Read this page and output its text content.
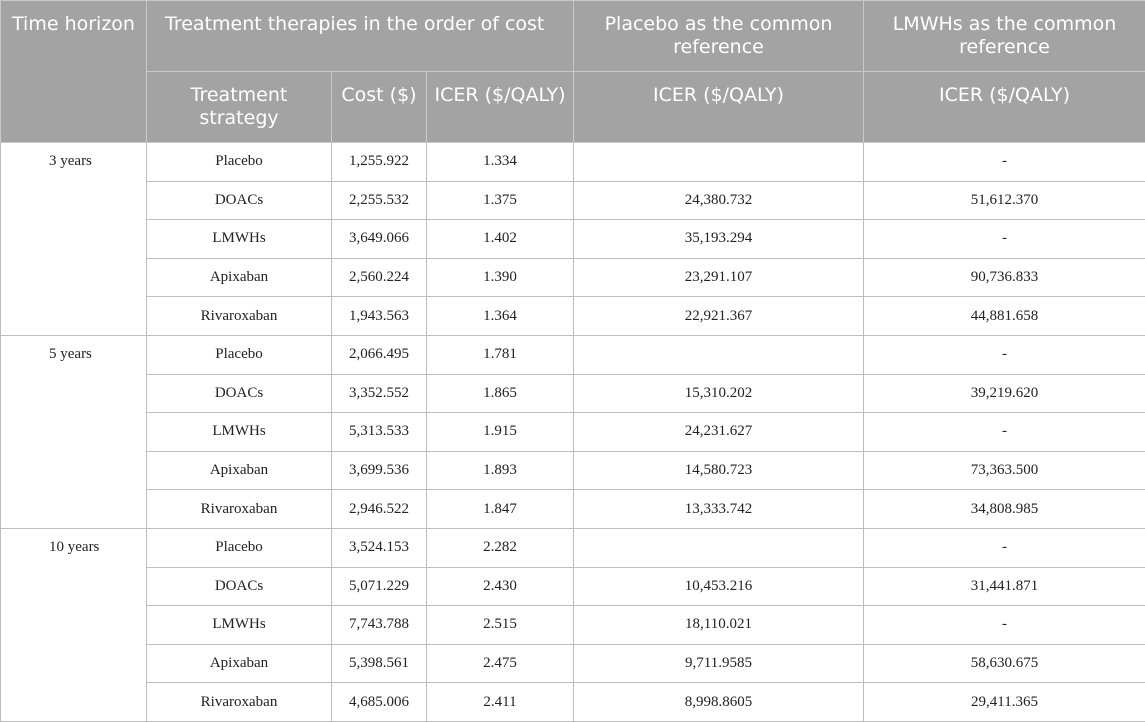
Time horizon	Treatment therapies in the order of cost			Placebo as the common reference	LMWHs as the common reference
	Treatment strategy	Cost ($)	ICER ($/QALY)	ICER ($/QALY)	ICER ($/QALY)
3 years	Placebo	1,255.922	1.334		-
	DOACs	2,255.532	1.375	24,380.732	51,612.370
	LMWHs	3,649.066	1.402	35,193.294	-
	Apixaban	2,560.224	1.390	23,291.107	90,736.833
	Rivaroxaban	1,943.563	1.364	22,921.367	44,881.658
5 years	Placebo	2,066.495	1.781		-
	DOACs	3,352.552	1.865	15,310.202	39,219.620
	LMWHs	5,313.533	1.915	24,231.627	-
	Apixaban	3,699.536	1.893	14,580.723	73,363.500
	Rivaroxaban	2,946.522	1.847	13,333.742	34,808.985
10 years	Placebo	3,524.153	2.282		-
	DOACs	5,071.229	2.430	10,453.216	31,441.871
	LMWHs	7,743.788	2.515	18,110.021	-
	Apixaban	5,398.561	2.475	9,711.9585	58,630.675
	Rivaroxaban	4,685.006	2.411	8,998.8605	29,411.365
